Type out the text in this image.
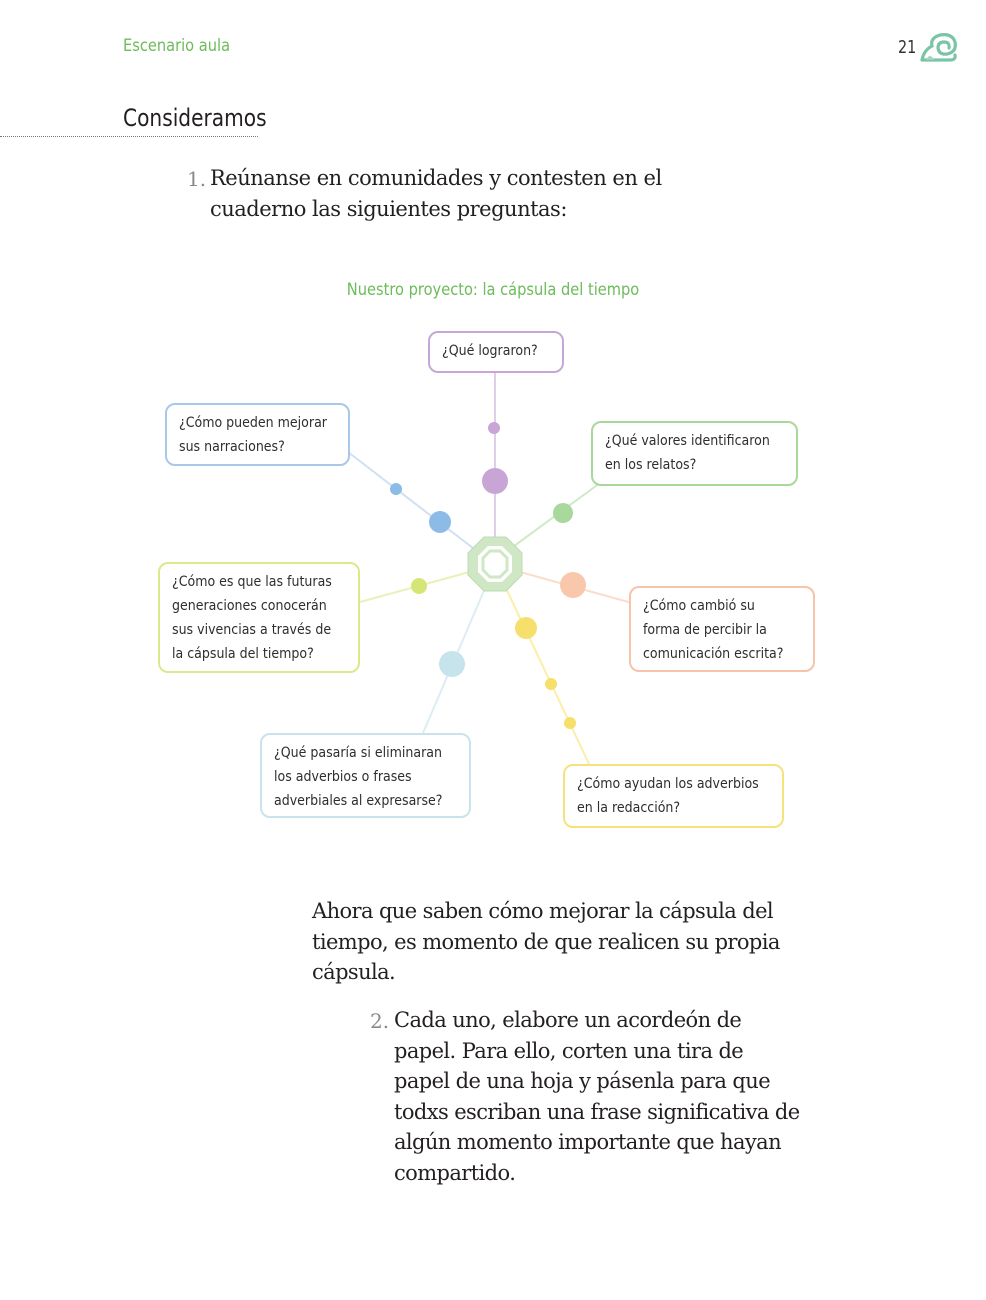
Escenario aula	21
Consideramos
1. Reúnanse en comunidades y contesten en el
cuaderno las siguientes preguntas:
Nuestro proyecto: la cápsula del tiempo
¿Qué lograron?
¿Qué valores identificaron
en los relatos?
¿Cómo cambió su
forma de percibir la
comunicación escrita?
¿Cómo ayudan los adverbios
en la redacción?
¿Qué pasaría si eliminaran
los adverbios o frases
adverbiales al expresarse?
¿Cómo es que las futuras
generaciones conocerán
sus vivencias a través de
la cápsula del tiempo?
¿Cómo pueden mejorar
sus narraciones?
Ahora que saben cómo mejorar la cápsula del
tiempo, es momento de que realicen su propia
cápsula.
2. Cada uno, elabore un acordeón de
papel. Para ello, corten una tira de
papel de una hoja y pásenla para que
todxs escriban una frase significativa de
algún momento importante que hayan
compartido.
